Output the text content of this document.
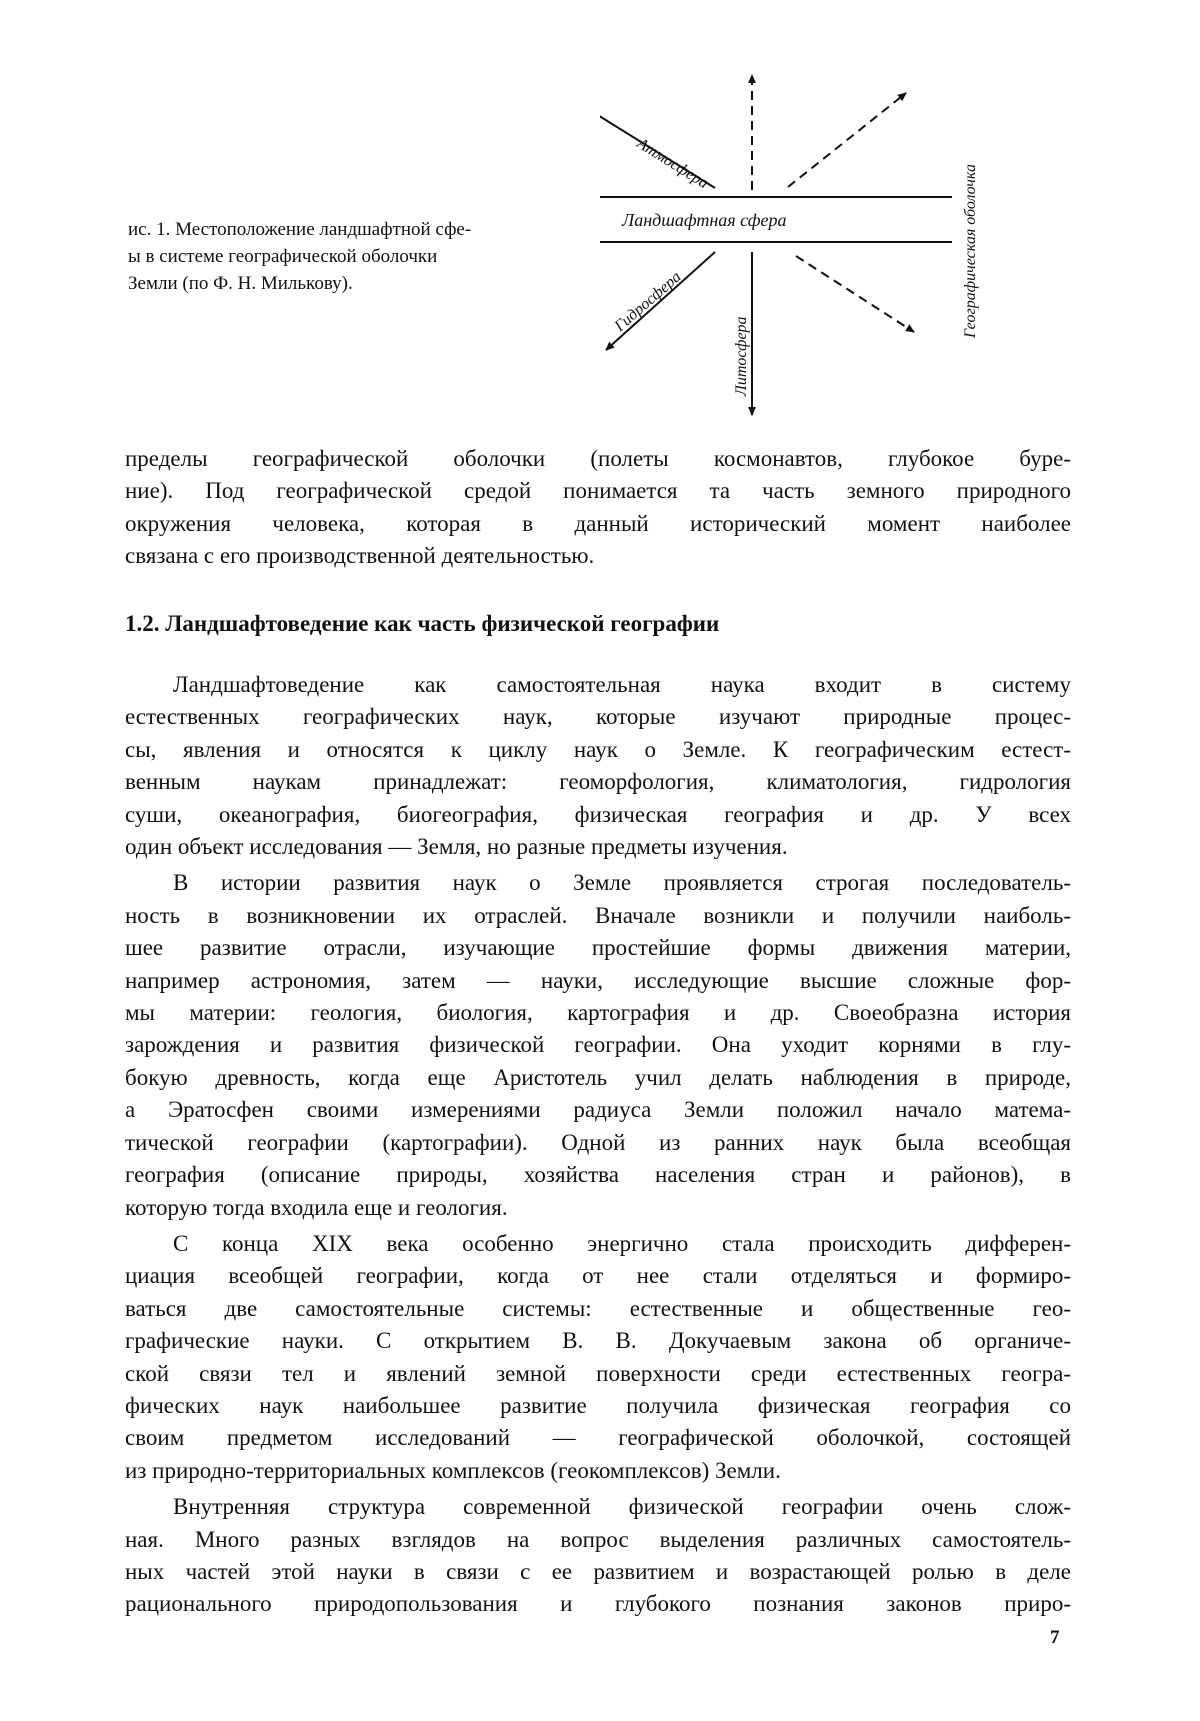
ис. 1. Местоположение ландшафтной сфе-
ы в системе географической оболочки
Земли (по Ф. Н. Милькову).
Атмосфера
Ландшафтная сфера	Географическая оболочка
Гидросфера
Литосфера
пределы географической оболочки (полеты космонавтов, глубокое буре-
ние). Под географической средой понимается та часть земного природного
окружения человека, которая в данный исторический момент наиболее
связана с его производственной деятельностью.
1.2. Ландшафтоведение как часть физической географии

Ландшафтоведение как самостоятельная наука входит в систему
естественных географических наук, которые изучают природные процес-
сы, явления и относятся к циклу наук о Земле. К географическим естест-
венным наукам принадлежат: геоморфология, климатология, гидрология
суши, океанография, биогеография, физическая география и др. У всех
один объект исследования — Земля, но разные предметы изучения.

В истории развития наук о Земле проявляется строгая последователь-
ность в возникновении их отраслей. Вначале возникли и получили наиболь-
шее развитие отрасли, изучающие простейшие формы движения материи,
например астрономия, затем — науки, исследующие высшие сложные фор-
мы материи: геология, биология, картография и др. Своеобразна история
зарождения и развития физической географии. Она уходит корнями в глу-
бокую древность, когда еще Аристотель учил делать наблюдения в природе,
а Эратосфен своими измерениями радиуса Земли положил начало матема-
тической географии (картографии). Одной из ранних наук была всеобщая
география (описание природы, хозяйства населения стран и районов), в
которую тогда входила еще и геология.

С конца XIX века особенно энергично стала происходить дифферен-
циация всеобщей географии, когда от нее стали отделяться и формиро-
ваться две самостоятельные системы: естественные и общественные гео-
графические науки. С открытием В. В. Докучаевым закона об органиче-
ской связи тел и явлений земной поверхности среди естественных геогра-
фических наук наибольшее развитие получила физическая география со
своим предметом исследований — географической оболочкой, состоящей
из природно-территориальных комплексов (геокомплексов) Земли.

Внутренняя структура современной физической географии очень слож-
ная. Много разных взглядов на вопрос выделения различных самостоятель-
ных частей этой науки в связи с ее развитием и возрастающей ролью в деле
рационального природопользования и глубокого познания законов приро-

7
